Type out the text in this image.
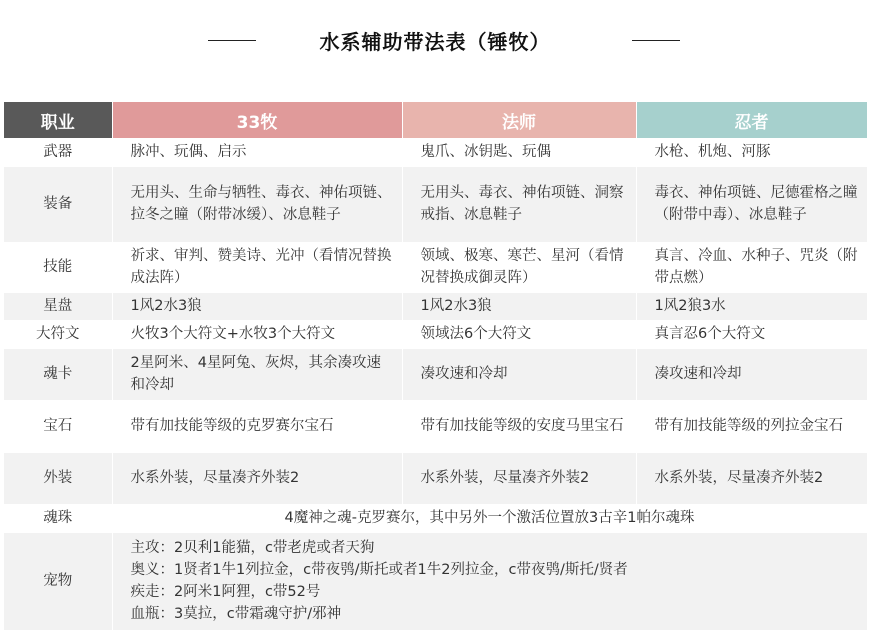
水系辅助带法表（锤牧）
职业	33牧	法师	忍者
武器	脉冲、玩偶、启示	鬼爪、冰钥匙、玩偶	水枪、机炮、河豚
装备	无用头、生命与牺牲、毒衣、神佑项链、拉冬之瞳（附带冰缓）、冰息鞋子	无用头、毒衣、神佑项链、洞察戒指、冰息鞋子	毒衣、神佑项链、尼德霍格之瞳（附带中毒）、冰息鞋子
技能	祈求、审判、赞美诗、光冲（看情况替换成法阵）	领域、极寒、寒芒、星河（看情况替换成御灵阵）	真言、冷血、水种子、咒炎（附带点燃）
星盘	1风2水3狼	1风2水3狼	1风2狼3水
大符文	火牧3个大符文+水牧3个大符文	领域法6个大符文	真言忍6个大符文
魂卡	2星阿米、4星阿兔、灰烬，其余凑攻速和冷却	凑攻速和冷却	凑攻速和冷却
宝石	带有加技能等级的克罗赛尔宝石	带有加技能等级的安度马里宝石	带有加技能等级的列拉金宝石
外装	水系外装，尽量凑齐外装2	水系外装，尽量凑齐外装2	水系外装，尽量凑齐外装2
魂珠	4魔神之魂-克罗赛尔，其中另外一个激活位置放3古辛1帕尔魂珠		
宠物	主攻：2贝利1能猫，c带老虎或者天狗
奥义：1贤者1牛1列拉金，c带夜鸮/斯托或者1牛2列拉金，c带夜鸮/斯托/贤者
疾走：2阿米1阿狸，c带52号
血瓶：3莫拉，c带霜魂守护/邪神		
